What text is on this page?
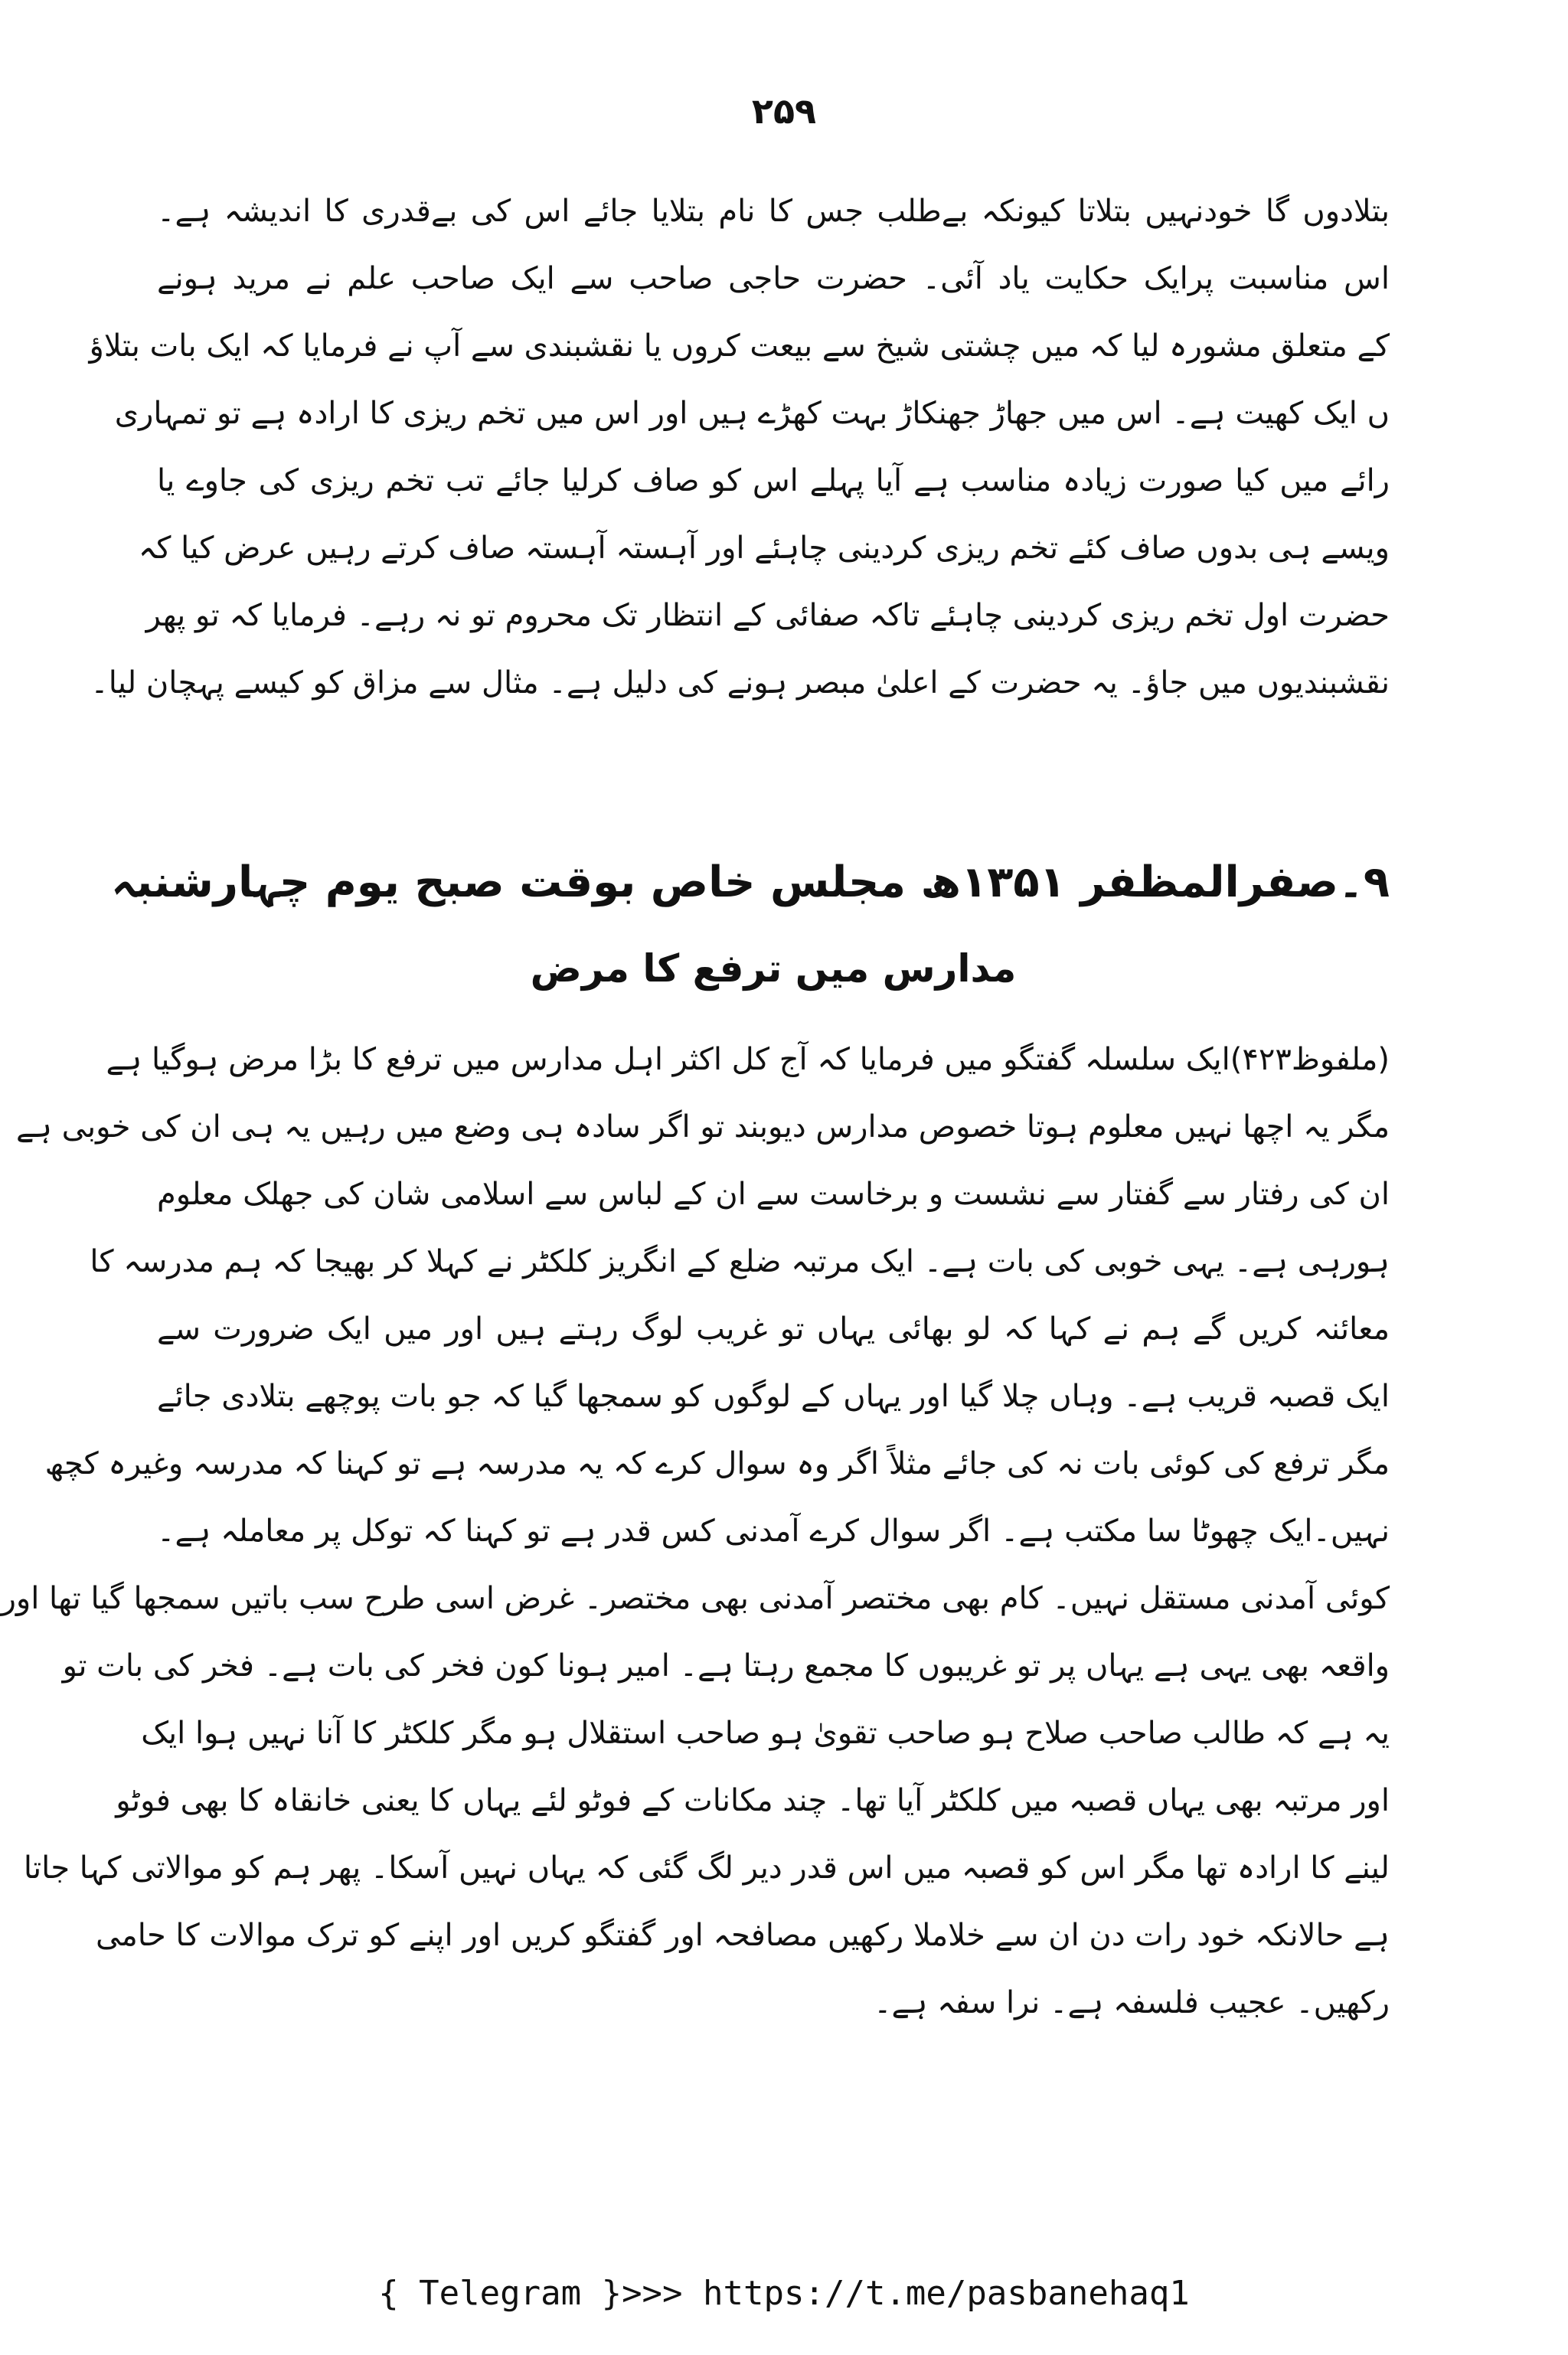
۲۵۹
بتلادوں گا خودنہیں بتلاتا کیونکہ بےطلب جس کا نام بتلایا جائے اس کی بےقدری کا اندیشہ ہے۔
اس مناسبت پرایک حکایت یاد آئی۔ حضرت حاجی صاحب سے ایک صاحب علم نے مرید ہونے
کے متعلق مشورہ لیا کہ میں چشتی شیخ سے بیعت کروں یا نقشبندی سے آپ نے فرمایا کہ ایک بات بتلاؤ
ں ایک کھیت ہے۔ اس میں جھاڑ جھنکاڑ بہت کھڑے ہیں اور اس میں تخم ریزی کا ارادہ ہے تو تمہاری
رائے میں کیا صورت زیادہ مناسب ہے آیا پہلے اس کو صاف کرلیا جائے تب تخم ریزی کی جاوے یا
ویسے ہی بدوں صاف کئے تخم ریزی کردینی چاہئے اور آہستہ آہستہ صاف کرتے رہیں عرض کیا کہ
حضرت اول تخم ریزی کردینی چاہئے تاکہ صفائی کے انتظار تک محروم تو نہ رہے۔ فرمایا کہ تو پھر
نقشبندیوں میں جاؤ۔ یہ حضرت کے اعلیٰ مبصر ہونے کی دلیل ہے۔ مثال سے مزاق کو کیسے پہچان لیا۔
۹۔صفرالمظفر ۱۳۵۱ھ مجلس خاص بوقت صبح یوم چہارشنبہ
مدارس میں ترفع کا مرض
(ملفوظ۴۲۳)ایک سلسلہ گفتگو میں فرمایا کہ آج کل اکثر اہل مدارس میں ترفع کا بڑا مرض ہوگیا ہے
مگر یہ اچھا نہیں معلوم ہوتا خصوص مدارس دیوبند تو اگر سادہ ہی وضع میں رہیں یہ ہی ان کی خوبی ہے
ان کی رفتار سے گفتار سے نشست و برخاست سے ان کے لباس سے اسلامی شان کی جھلک معلوم
ہورہی ہے۔ یہی خوبی کی بات ہے۔ ایک مرتبہ ضلع کے انگریز کلکٹر نے کہلا کر بھیجا کہ ہم مدرسہ کا
معائنہ کریں گے ہم نے کہا کہ لو بھائی یہاں تو غریب لوگ رہتے ہیں اور میں ایک ضرورت سے
ایک قصبہ قریب ہے۔ وہاں چلا گیا اور یہاں کے لوگوں کو سمجھا گیا کہ جو بات پوچھے بتلادی جائے
مگر ترفع کی کوئی بات نہ کی جائے مثلاً اگر وہ سوال کرے کہ یہ مدرسہ ہے تو کہنا کہ مدرسہ وغیرہ کچھ
نہیں۔ایک چھوٹا سا مکتب ہے۔ اگر سوال کرے آمدنی کس قدر ہے تو کہنا کہ توکل پر معاملہ ہے۔
کوئی آمدنی مستقل نہیں۔ کام بھی مختصر آمدنی بھی مختصر۔ غرض اسی طرح سب باتیں سمجھا گیا تھا اور
واقعہ بھی یہی ہے یہاں پر تو غریبوں کا مجمع رہتا ہے۔ امیر ہونا کون فخر کی بات ہے۔ فخر کی بات تو
یہ ہے کہ طالب صاحب صلاح ہو صاحب تقویٰ ہو صاحب استقلال ہو مگر کلکٹر کا آنا نہیں ہوا ایک
اور مرتبہ بھی یہاں قصبہ میں کلکٹر آیا تھا۔ چند مکانات کے فوٹو لئے یہاں کا یعنی خانقاہ کا بھی فوٹو
لینے کا ارادہ تھا مگر اس کو قصبہ میں اس قدر دیر لگ گئی کہ یہاں نہیں آسکا۔ پھر ہم کو موالاتی کہا جاتا
ہے حالانکہ خود رات دن ان سے خلاملا رکھیں مصافحہ اور گفتگو کریں اور اپنے کو ترک موالات کا حامی
رکھیں۔ عجیب فلسفہ ہے۔ نرا سفہ ہے۔
{ Telegram }>>> https://t.me/pasbanehaq1
